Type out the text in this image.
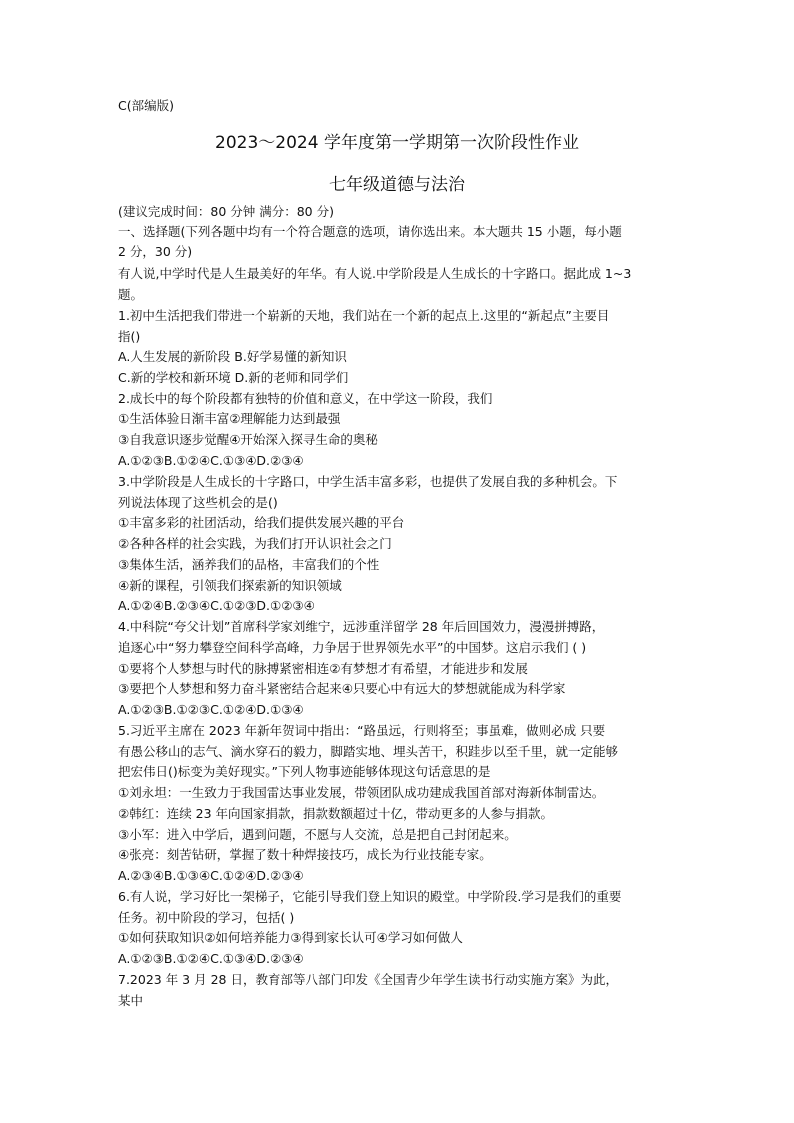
C(部编版)
2023～2024 学年度第一学期第一次阶段性作业
七年级道德与法治
(建议完成时间：80 分钟 满分：80 分)
一、选择题(下列各题中均有一个符合题意的选项，请你选出来。本大题共 15 小题，每小题
2 分，30 分)
有人说,中学时代是人生最美好的年华。有人说.中学阶段是人生成长的十字路口。据此成 1~3
题。
1.初中生活把我们带进一个崭新的天地，我们站在一个新的起点上.这里的“新起点”主要目
指()
A.人生发展的新阶段 B.好学易懂的新知识
C.新的学校和新环境 D.新的老师和同学们
2.成长中的每个阶段都有独特的价值和意义，在中学这一阶段，我们
①生活体验日渐丰富②理解能力达到最强
③自我意识逐步觉醒④开始深入探寻生命的奥秘
A.①②③B.①②④C.①③④D.②③④
3.中学阶段是人生成长的十字路口，中学生活丰富多彩，也提供了发展自我的多种机会。下
列说法体现了这些机会的是()
①丰富多彩的社团活动，给我们提供发展兴趣的平台
②各种各样的社会实践，为我们打开认识社会之门
③集体生活，涵养我们的品格，丰富我们的个性
④新的课程，引领我们探索新的知识领域
A.①②④B.②③④C.①②③D.①②③④
4.中科院“夸父计划”首席科学家刘维宁，远涉重洋留学 28 年后回国效力，漫漫拼搏路，
追逐心中“努力攀登空间科学高峰，力争居于世界领先水平”的中国梦。这启示我们 ( )
①要将个人梦想与时代的脉搏紧密相连②有梦想才有希望，才能进步和发展
③要把个人梦想和努力奋斗紧密结合起来④只要心中有远大的梦想就能成为科学家
A.①②③B.①②③C.①②④D.①③④
5.习近平主席在 2023 年新年贺词中指出：“路虽远，行则将至；事虽难，做则必成 只要
有愚公移山的志气、滴水穿石的毅力，脚踏实地、埋头苦干，积跬步以至千里，就一定能够
把宏伟日()标变为美好现实。”下列人物事迹能够体现这句话意思的是
①刘永坦：一生致力于我国雷达事业发展，带领团队成功建成我国首部对海新体制雷达。
②韩红：连续 23 年向国家捐款，捐款数额超过十亿，带动更多的人参与捐款。
③小军：进入中学后，遇到问题，不愿与人交流，总是把自己封闭起来。
④张亮：刻苦钻研，掌握了数十种焊接技巧，成长为行业技能专家。
A.②③④B.①③④C.①②④D.②③④
6.有人说，学习好比一架梯子，它能引导我们登上知识的殿堂。中学阶段.学习是我们的重要
任务。初中阶段的学习，包括( )
①如何获取知识②如何培养能力③得到家长认可④学习如何做人
A.①②③B.①②④C.①③④D.②③④
7.2023 年 3 月 28 日，教育部等八部门印发《全国青少年学生读书行动实施方案》为此，
某中
